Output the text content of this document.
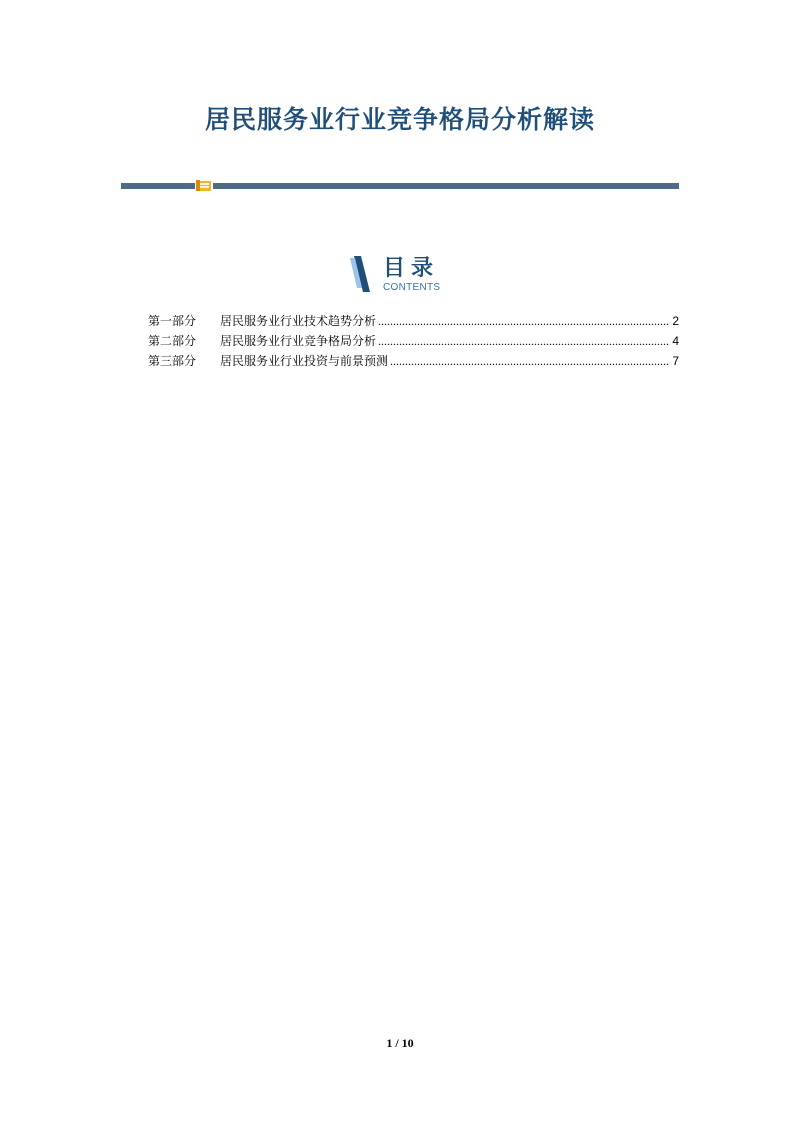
居民服务业行业竞争格局分析解读
目录
CONTENTS
第一部分	居民服务业行业技术趋势分析 .....	2
第二部分	居民服务业行业竞争格局分析 .....	4
第三部分	居民服务业行业投资与前景预测 .....	7
1 / 10
